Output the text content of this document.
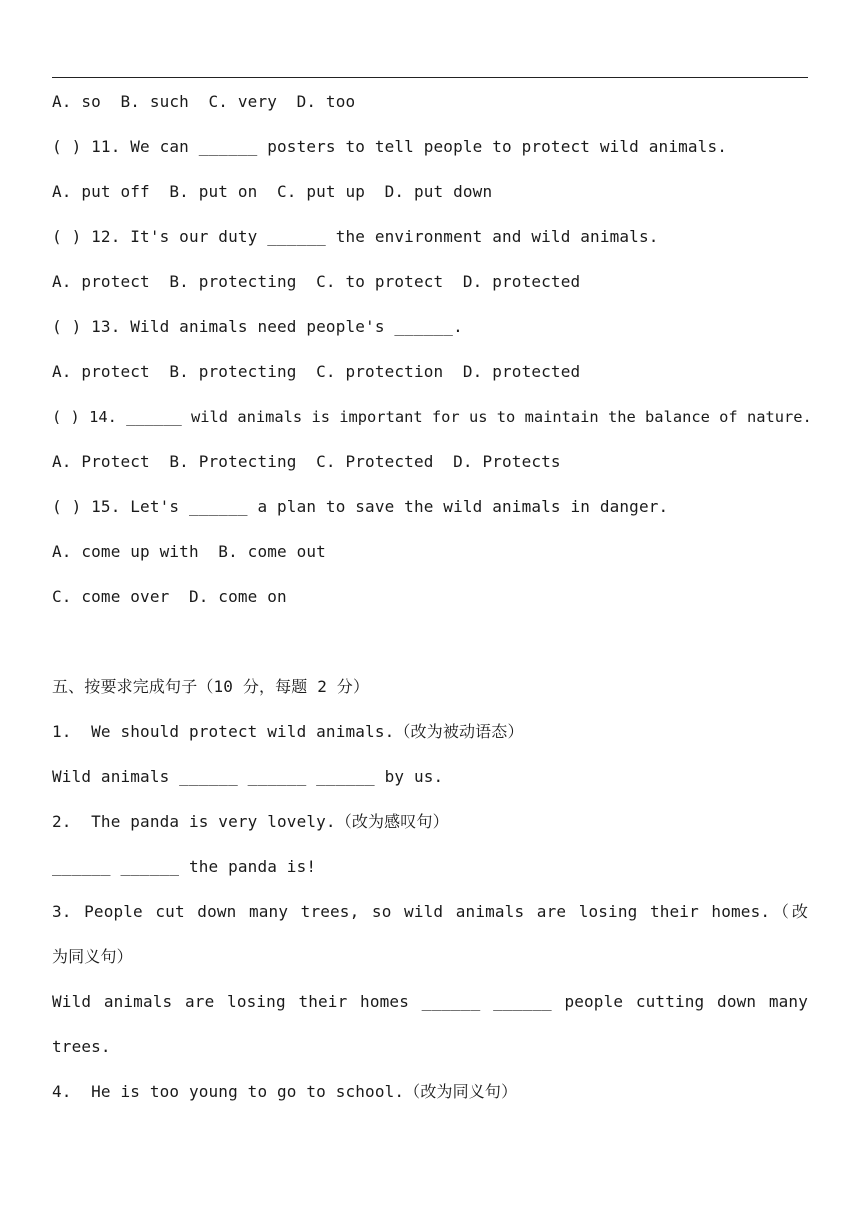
A. so  B. such  C. very  D. too
( ) 11. We can ______ posters to tell people to protect wild animals.
A. put off  B. put on  C. put up  D. put down
( ) 12. It's our duty ______ the environment and wild animals.
A. protect  B. protecting  C. to protect  D. protected
( ) 13. Wild animals need people's ______.
A. protect  B. protecting  C. protection  D. protected
( ) 14. ______ wild animals is important for us to maintain the balance of nature.
A. Protect  B. Protecting  C. Protected  D. Protects
( ) 15. Let's ______ a plan to save the wild animals in danger.
A. come up with  B. come out
C. come over  D. come on
五、按要求完成句子（10 分，每题 2 分）
1.  We should protect wild animals.（改为被动语态）
Wild animals ______ ______ ______ by us.
2.  The panda is very lovely.（改为感叹句）
______ ______ the panda is!
3. People cut down many trees, so wild animals are losing their homes.（改
为同义句）
Wild animals are losing their homes ______ ______ people cutting down many
trees.
4.  He is too young to go to school.（改为同义句）
